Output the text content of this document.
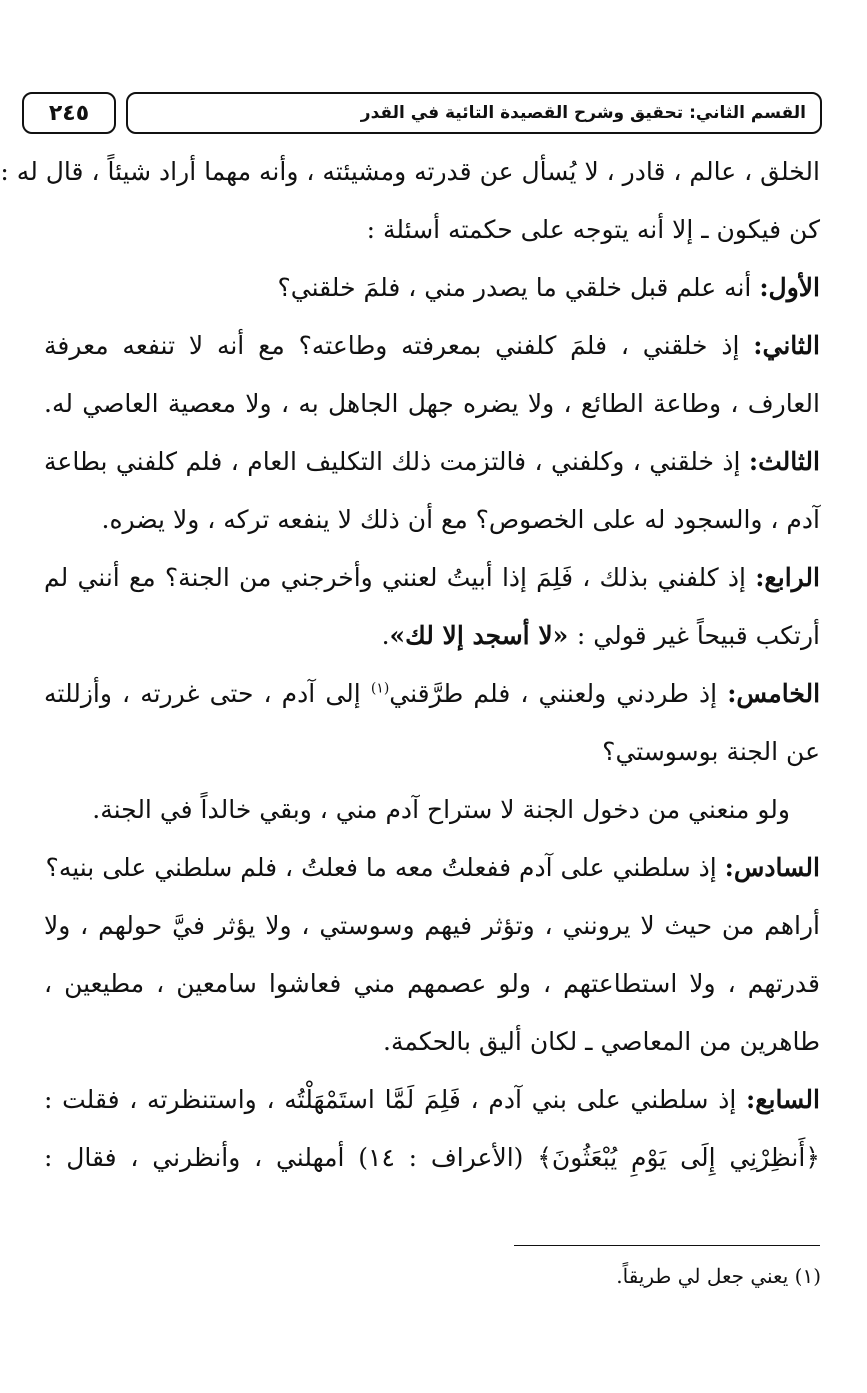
٢٤٥	القسم الثاني: تحقيق وشرح القصيدة التائية في القدر
الخلق ، عالم ، قادر ، لا يُسأل عن قدرته ومشيئته ، وأنه مهما أراد شيئاً ، قال له :
كن فيكون ـ إلا أنه يتوجه على حكمته أسئلة :
الأول: أنه علم قبل خلقي ما يصدر مني ، فلمَ خلقني؟
الثاني: إذ خلقني ، فلمَ كلفني بمعرفته وطاعته؟ مع أنه لا تنفعه معرفة
العارف ، وطاعة الطائع ، ولا يضره جهل الجاهل به ، ولا معصية العاصي له.
الثالث: إذ خلقني ، وكلفني ، فالتزمت ذلك التكليف العام ، فلم كلفني بطاعة
آدم ، والسجود له على الخصوص؟ مع أن ذلك لا ينفعه تركه ، ولا يضره.
الرابع: إذ كلفني بذلك ، فَلِمَ إذا أبيتُ لعنني وأخرجني من الجنة؟ مع أنني لم
أرتكب قبيحاً غير قولي : «لا أسجد إلا لك».
الخامس: إذ طردني ولعنني ، فلم طرَّقني$^{(١)}$ إلى آدم ، حتى غررته ، وأزللته
عن الجنة بوسوستي؟
ولو منعني من دخول الجنة لا ستراح آدم مني ، وبقي خالداً في الجنة.
السادس: إذ سلطني على آدم ففعلتُ معه ما فعلتُ ، فلم سلطني على بنيه؟
أراهم من حيث لا يرونني ، وتؤثر فيهم وسوستي ، ولا يؤثر فيَّ حولهم ، ولا
قدرتهم ، ولا استطاعتهم ، ولو عصمهم مني فعاشوا سامعين ، مطيعين ،
طاهرين من المعاصي ـ لكان أليق بالحكمة.
السابع: إذ سلطني على بني آدم ، فَلِمَ لَمَّا استَمْهَلْتُه ، واستنظرته ، فقلت :
﴿أَنظِرْنِي إِلَى يَوْمِ يُبْعَثُونَ﴾ (الأعراف : ١٤) أمهلني ، وأنظرني ، فقال :
(١) يعني جعل لي طريقاً.
